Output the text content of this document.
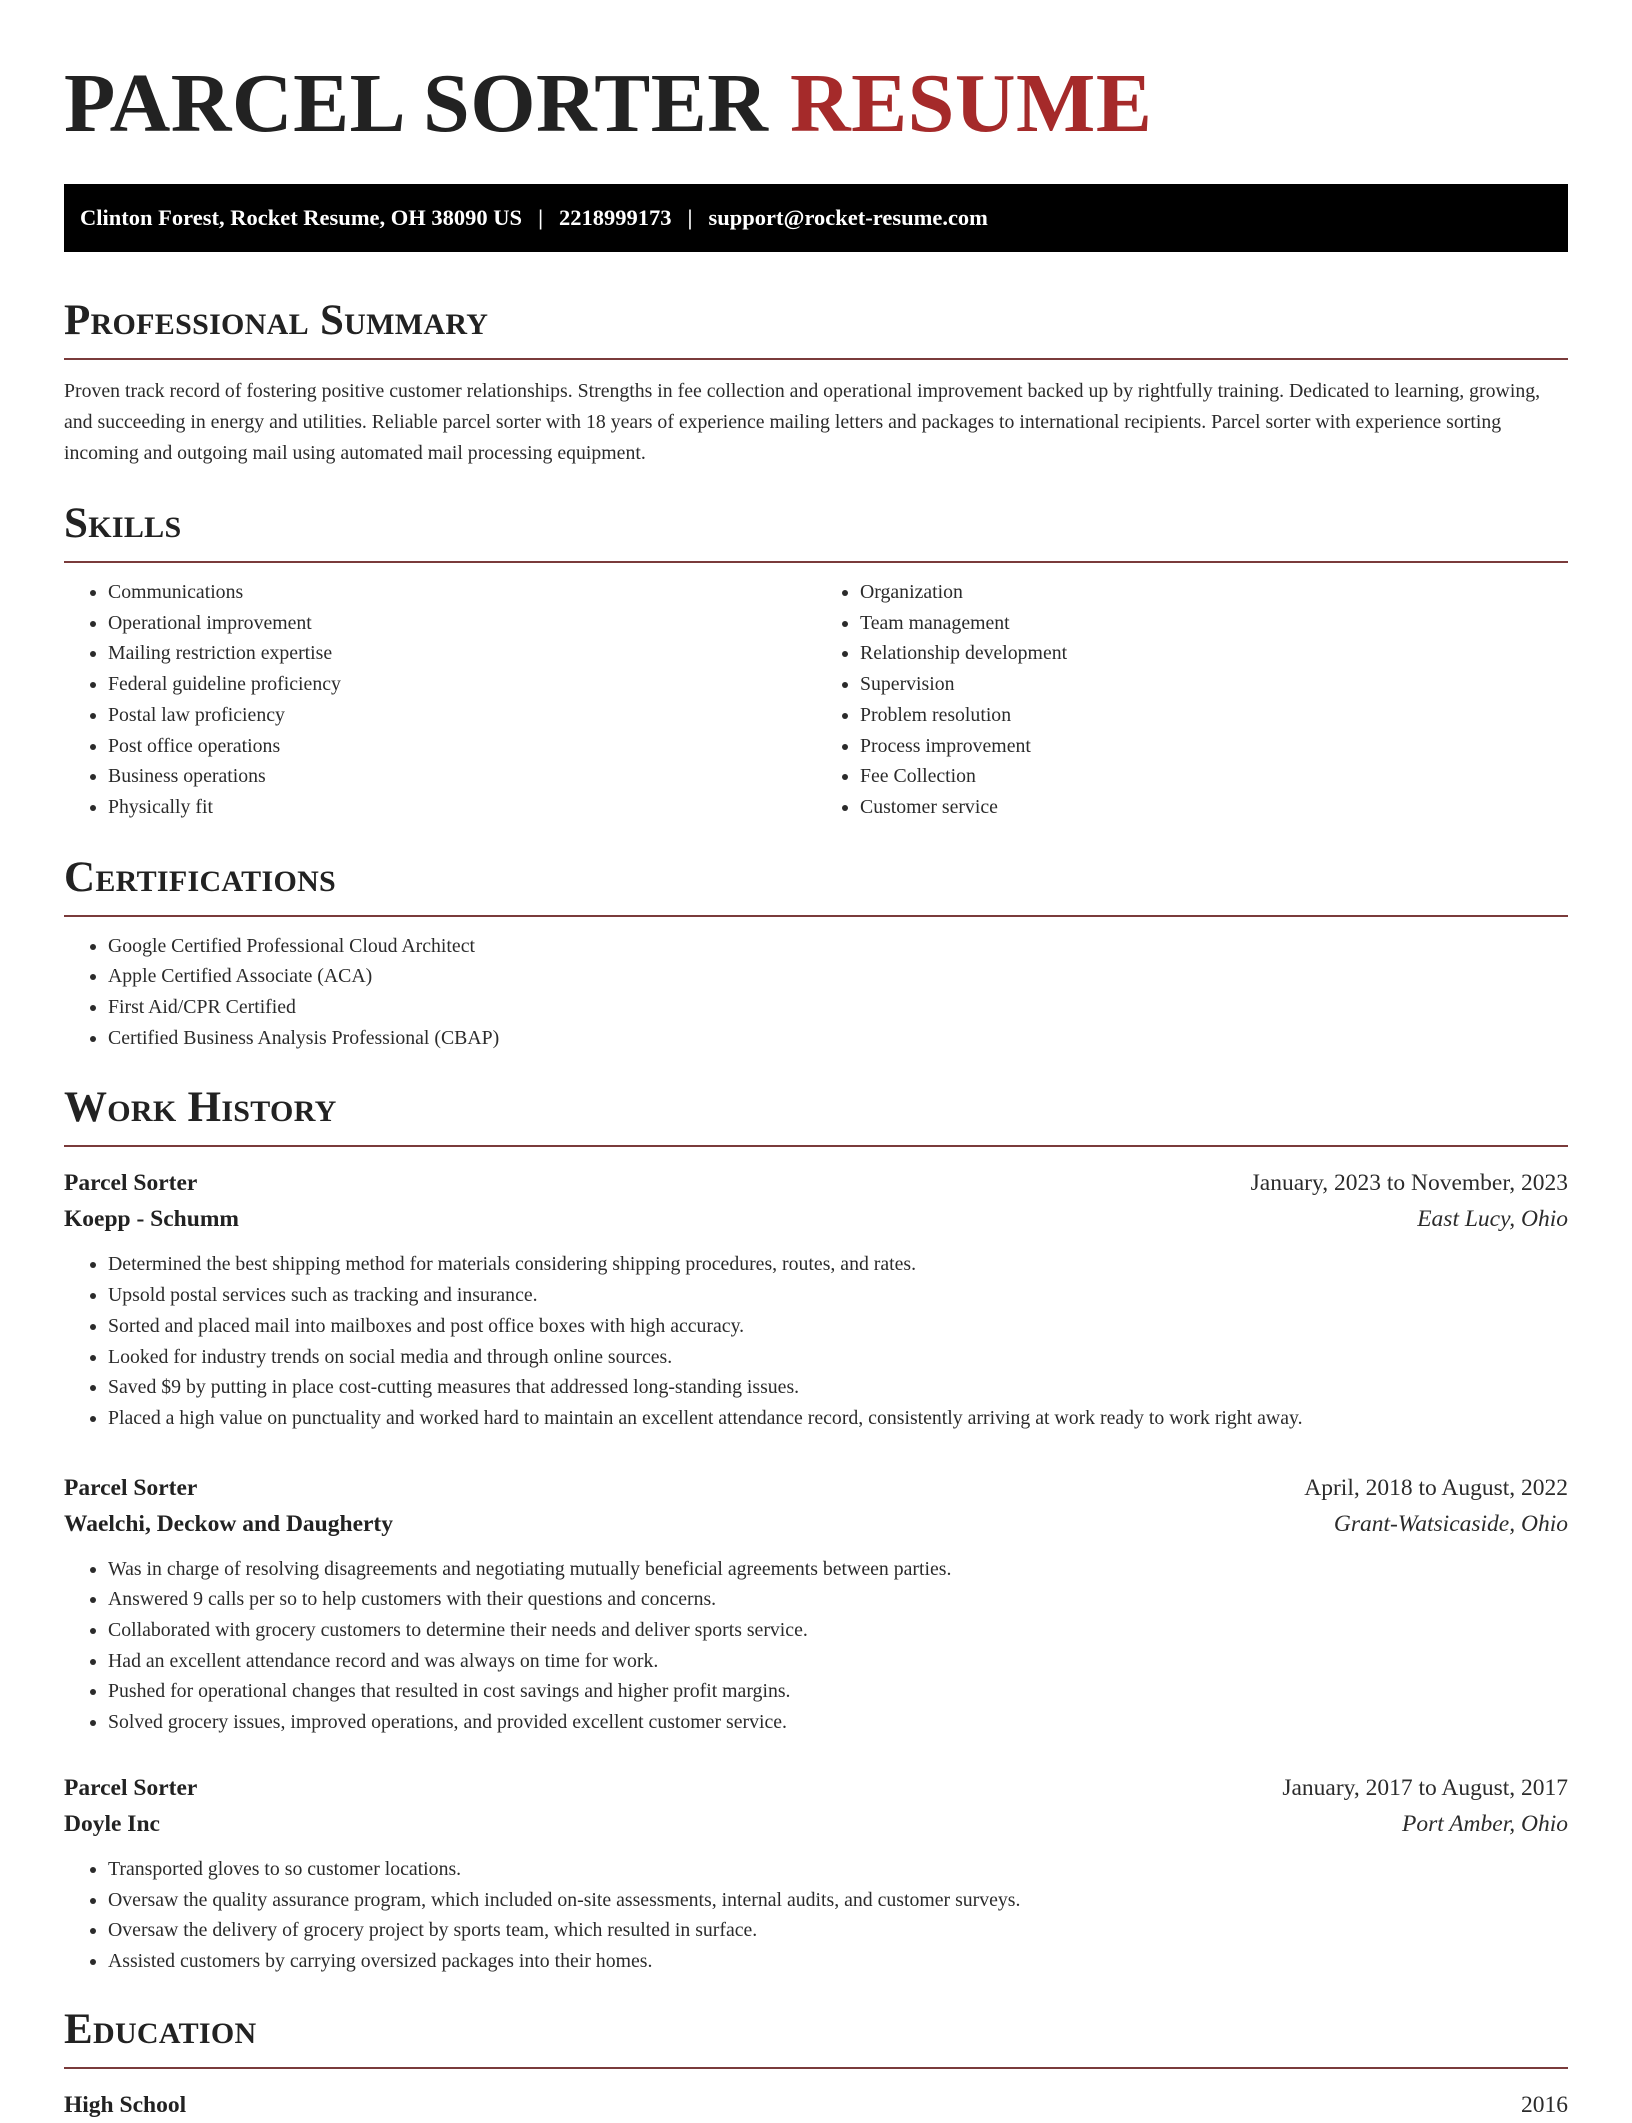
PARCEL SORTER RESUME
Clinton Forest, Rocket Resume, OH 38090 US | 2218999173 | support@rocket-resume.com
Professional Summary

Proven track record of fostering positive customer relationships. Strengths in fee collection and operational improvement backed up by rightfully training. Dedicated to learning, growing, and succeeding in energy and utilities. Reliable parcel sorter with 18 years of experience mailing letters and packages to international recipients. Parcel sorter with experience sorting incoming and outgoing mail using automated mail processing equipment.

Skills
• Communications
• Operational improvement
• Mailing restriction expertise
• Federal guideline proficiency
• Postal law proficiency
• Post office operations
• Business operations
• Physically fit
• Organization
• Team management
• Relationship development
• Supervision
• Problem resolution
• Process improvement
• Fee Collection
• Customer service
Certifications
• Google Certified Professional Cloud Architect
• Apple Certified Associate (ACA)
• First Aid/CPR Certified
• Certified Business Analysis Professional (CBAP)
Work History
Parcel Sorter	January, 2023 to November, 2023
Koepp - Schumm	East Lucy, Ohio
• Determined the best shipping method for materials considering shipping procedures, routes, and rates.
• Upsold postal services such as tracking and insurance.
• Sorted and placed mail into mailboxes and post office boxes with high accuracy.
• Looked for industry trends on social media and through online sources.
• Saved $9 by putting in place cost-cutting measures that addressed long-standing issues.
• Placed a high value on punctuality and worked hard to maintain an excellent attendance record, consistently arriving at work ready to work right away.
Parcel Sorter	April, 2018 to August, 2022
Waelchi, Deckow and Daugherty	Grant-Watsicaside, Ohio
• Was in charge of resolving disagreements and negotiating mutually beneficial agreements between parties.
• Answered 9 calls per so to help customers with their questions and concerns.
• Collaborated with grocery customers to determine their needs and deliver sports service.
• Had an excellent attendance record and was always on time for work.
• Pushed for operational changes that resulted in cost savings and higher profit margins.
• Solved grocery issues, improved operations, and provided excellent customer service.
Parcel Sorter	January, 2017 to August, 2017
Doyle Inc	Port Amber, Ohio
• Transported gloves to so customer locations.
• Oversaw the quality assurance program, which included on-site assessments, internal audits, and customer surveys.
• Oversaw the delivery of grocery project by sports team, which resulted in surface.
• Assisted customers by carrying oversized packages into their homes.
Education
High School	2016
